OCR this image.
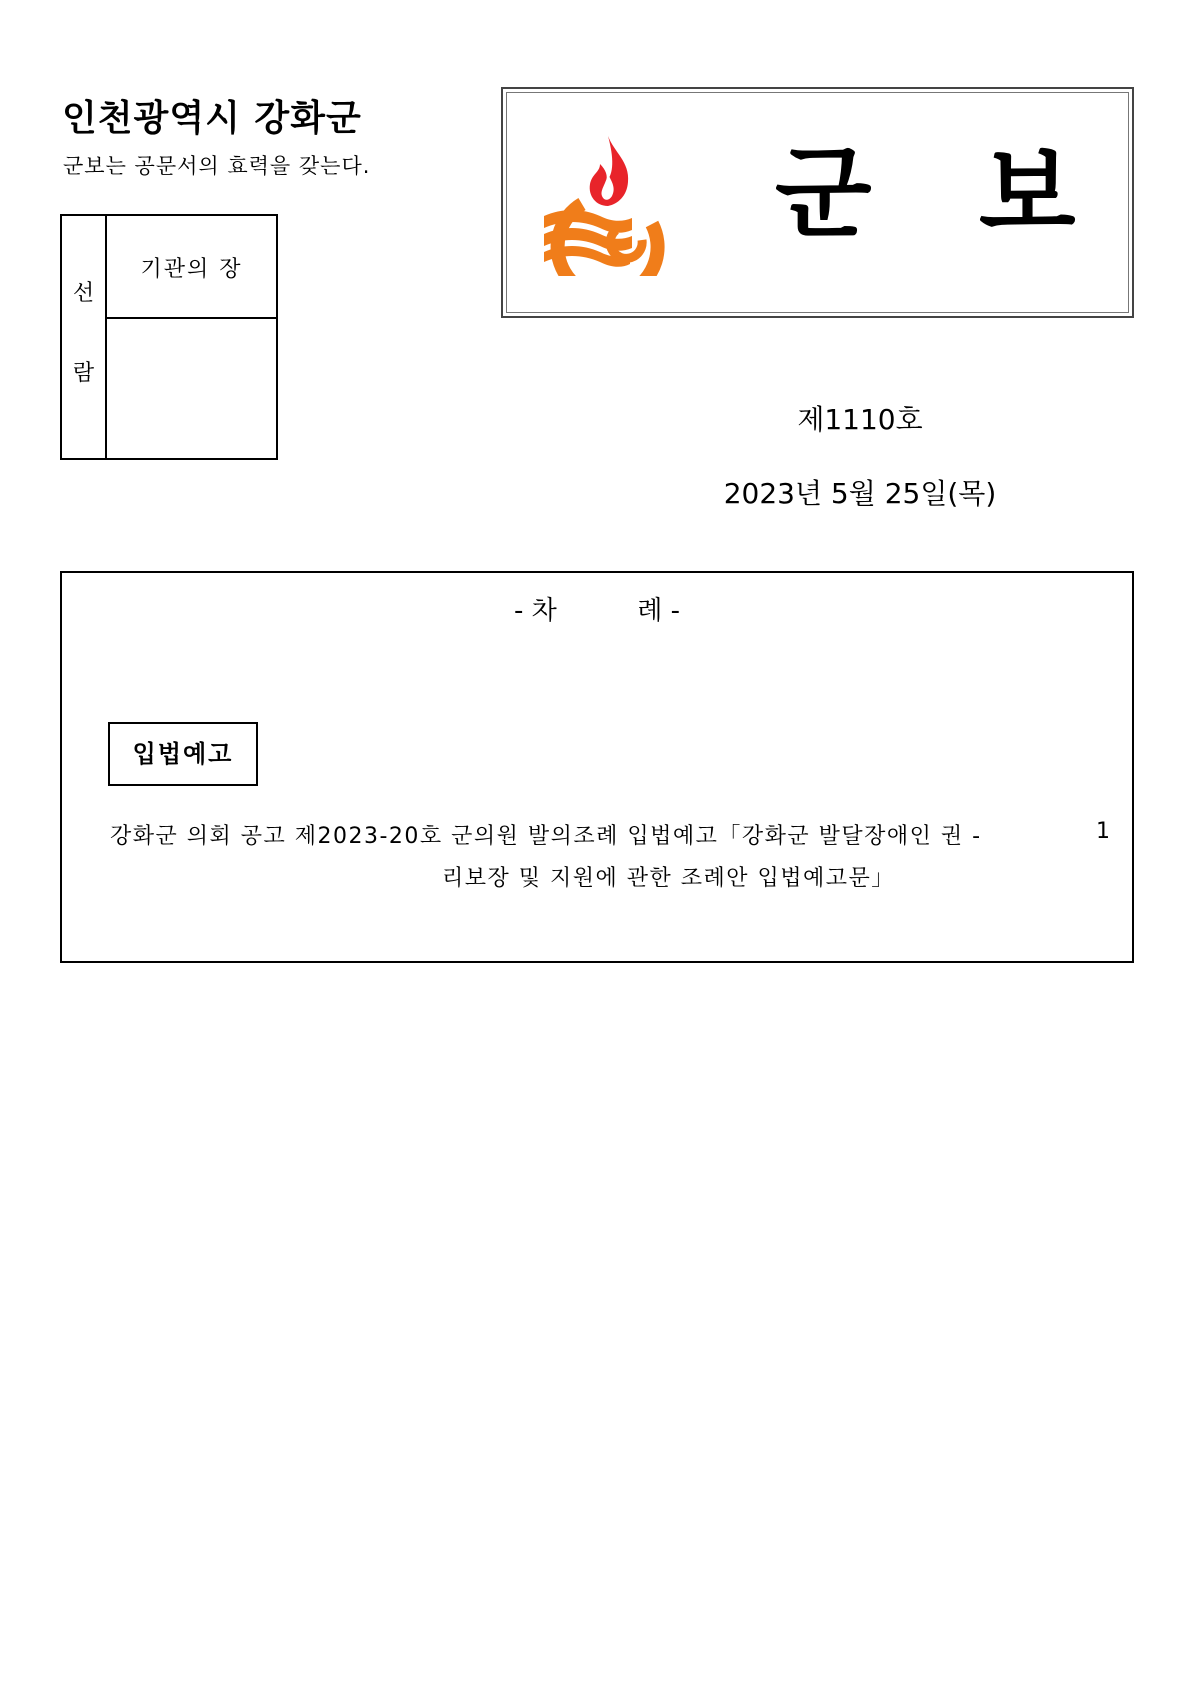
인천광역시 강화군
군보는 공문서의 효력을 갖는다.
선
람
기관의 장
군 보
제1110호
2023년 5월 25일(목)
- 차	례 -
입법예고
강화군 의회 공고 제2023-20호 군의원 발의조례 입법예고「강화군 발달장애인 권 -	1
리보장 및 지원에 관한 조례안 입법예고문」
